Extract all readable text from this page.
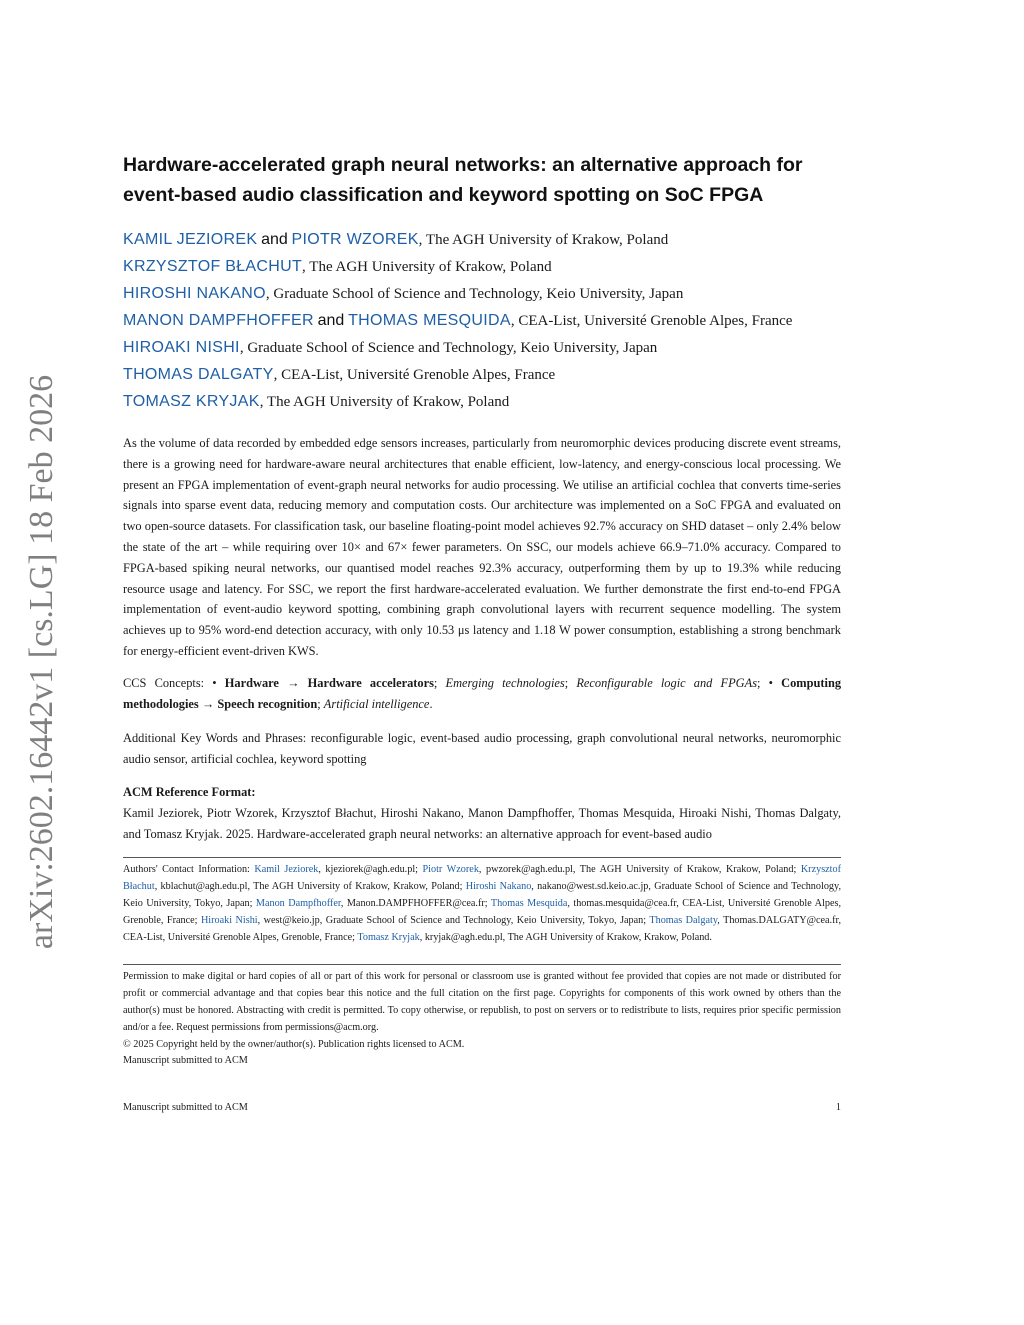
arXiv:2602.16442v1 [cs.LG] 18 Feb 2026
Hardware-accelerated graph neural networks: an alternative approach for
event-based audio classification and keyword spotting on SoC FPGA
KAMIL JEZIOREK and PIOTR WZOREK, The AGH University of Krakow, Poland
KRZYSZTOF BŁACHUT, The AGH University of Krakow, Poland
HIROSHI NAKANO, Graduate School of Science and Technology, Keio University, Japan
MANON DAMPFHOFFER and THOMAS MESQUIDA, CEA-List, Université Grenoble Alpes, France
HIROAKI NISHI, Graduate School of Science and Technology, Keio University, Japan
THOMAS DALGATY, CEA-List, Université Grenoble Alpes, France
TOMASZ KRYJAK, The AGH University of Krakow, Poland

As the volume of data recorded by embedded edge sensors increases, particularly from neuromorphic devices producing discrete event streams, there is a growing need for hardware-aware neural architectures that enable efficient, low-latency, and energy-conscious local processing. We present an FPGA implementation of event-graph neural networks for audio processing. We utilise an artificial cochlea that converts time-series signals into sparse event data, reducing memory and computation costs. Our architecture was implemented on a SoC FPGA and evaluated on two open-source datasets. For classification task, our baseline floating-point model achieves 92.7% accuracy on SHD dataset – only 2.4% below the state of the art – while requiring over 10× and 67× fewer parameters. On SSC, our models achieve 66.9–71.0% accuracy. Compared to FPGA-based spiking neural networks, our quantised model reaches 92.3% accuracy, outperforming them by up to 19.3% while reducing resource usage and latency. For SSC, we report the first hardware-accelerated evaluation. We further demonstrate the first end-to-end FPGA implementation of event-audio keyword spotting, combining graph convolutional layers with recurrent sequence modelling. The system achieves up to 95% word-end detection accuracy, with only 10.53 μs latency and 1.18 W power consumption, establishing a strong benchmark for energy-efficient event-driven KWS.

CCS Concepts: • Hardware → Hardware accelerators; Emerging technologies; Reconfigurable logic and FPGAs; • Computing methodologies → Speech recognition; Artificial intelligence.

Additional Key Words and Phrases: reconfigurable logic, event-based audio processing, graph convolutional neural networks, neuromorphic audio sensor, artificial cochlea, keyword spotting

ACM Reference Format:
Kamil Jeziorek, Piotr Wzorek, Krzysztof Błachut, Hiroshi Nakano, Manon Dampfhoffer, Thomas Mesquida, Hiroaki Nishi, Thomas Dalgaty, and Tomasz Kryjak. 2025. Hardware-accelerated graph neural networks: an alternative approach for event-based audio
Authors' Contact Information: Kamil Jeziorek, kjeziorek@agh.edu.pl; Piotr Wzorek, pwzorek@agh.edu.pl, The AGH University of Krakow, Krakow, Poland; Krzysztof Błachut, kblachut@agh.edu.pl, The AGH University of Krakow, Krakow, Poland; Hiroshi Nakano, nakano@west.sd.keio.ac.jp, Graduate School of Science and Technology, Keio University, Tokyo, Japan; Manon Dampfhoffer, Manon.DAMPFHOFFER@cea.fr; Thomas Mesquida, thomas.mesquida@cea.fr, CEA-List, Université Grenoble Alpes, Grenoble, France; Hiroaki Nishi, west@keio.jp, Graduate School of Science and Technology, Keio University, Tokyo, Japan; Thomas Dalgaty, Thomas.DALGATY@cea.fr, CEA-List, Université Grenoble Alpes, Grenoble, France; Tomasz Kryjak, kryjak@agh.edu.pl, The AGH University of Krakow, Krakow, Poland.
Permission to make digital or hard copies of all or part of this work for personal or classroom use is granted without fee provided that copies are not made or distributed for profit or commercial advantage and that copies bear this notice and the full citation on the first page. Copyrights for components of this work owned by others than the author(s) must be honored. Abstracting with credit is permitted. To copy otherwise, or republish, to post on servers or to redistribute to lists, requires prior specific permission and/or a fee. Request permissions from permissions@acm.org.
© 2025 Copyright held by the owner/author(s). Publication rights licensed to ACM.
Manuscript submitted to ACM
Manuscript submitted to ACM	1
